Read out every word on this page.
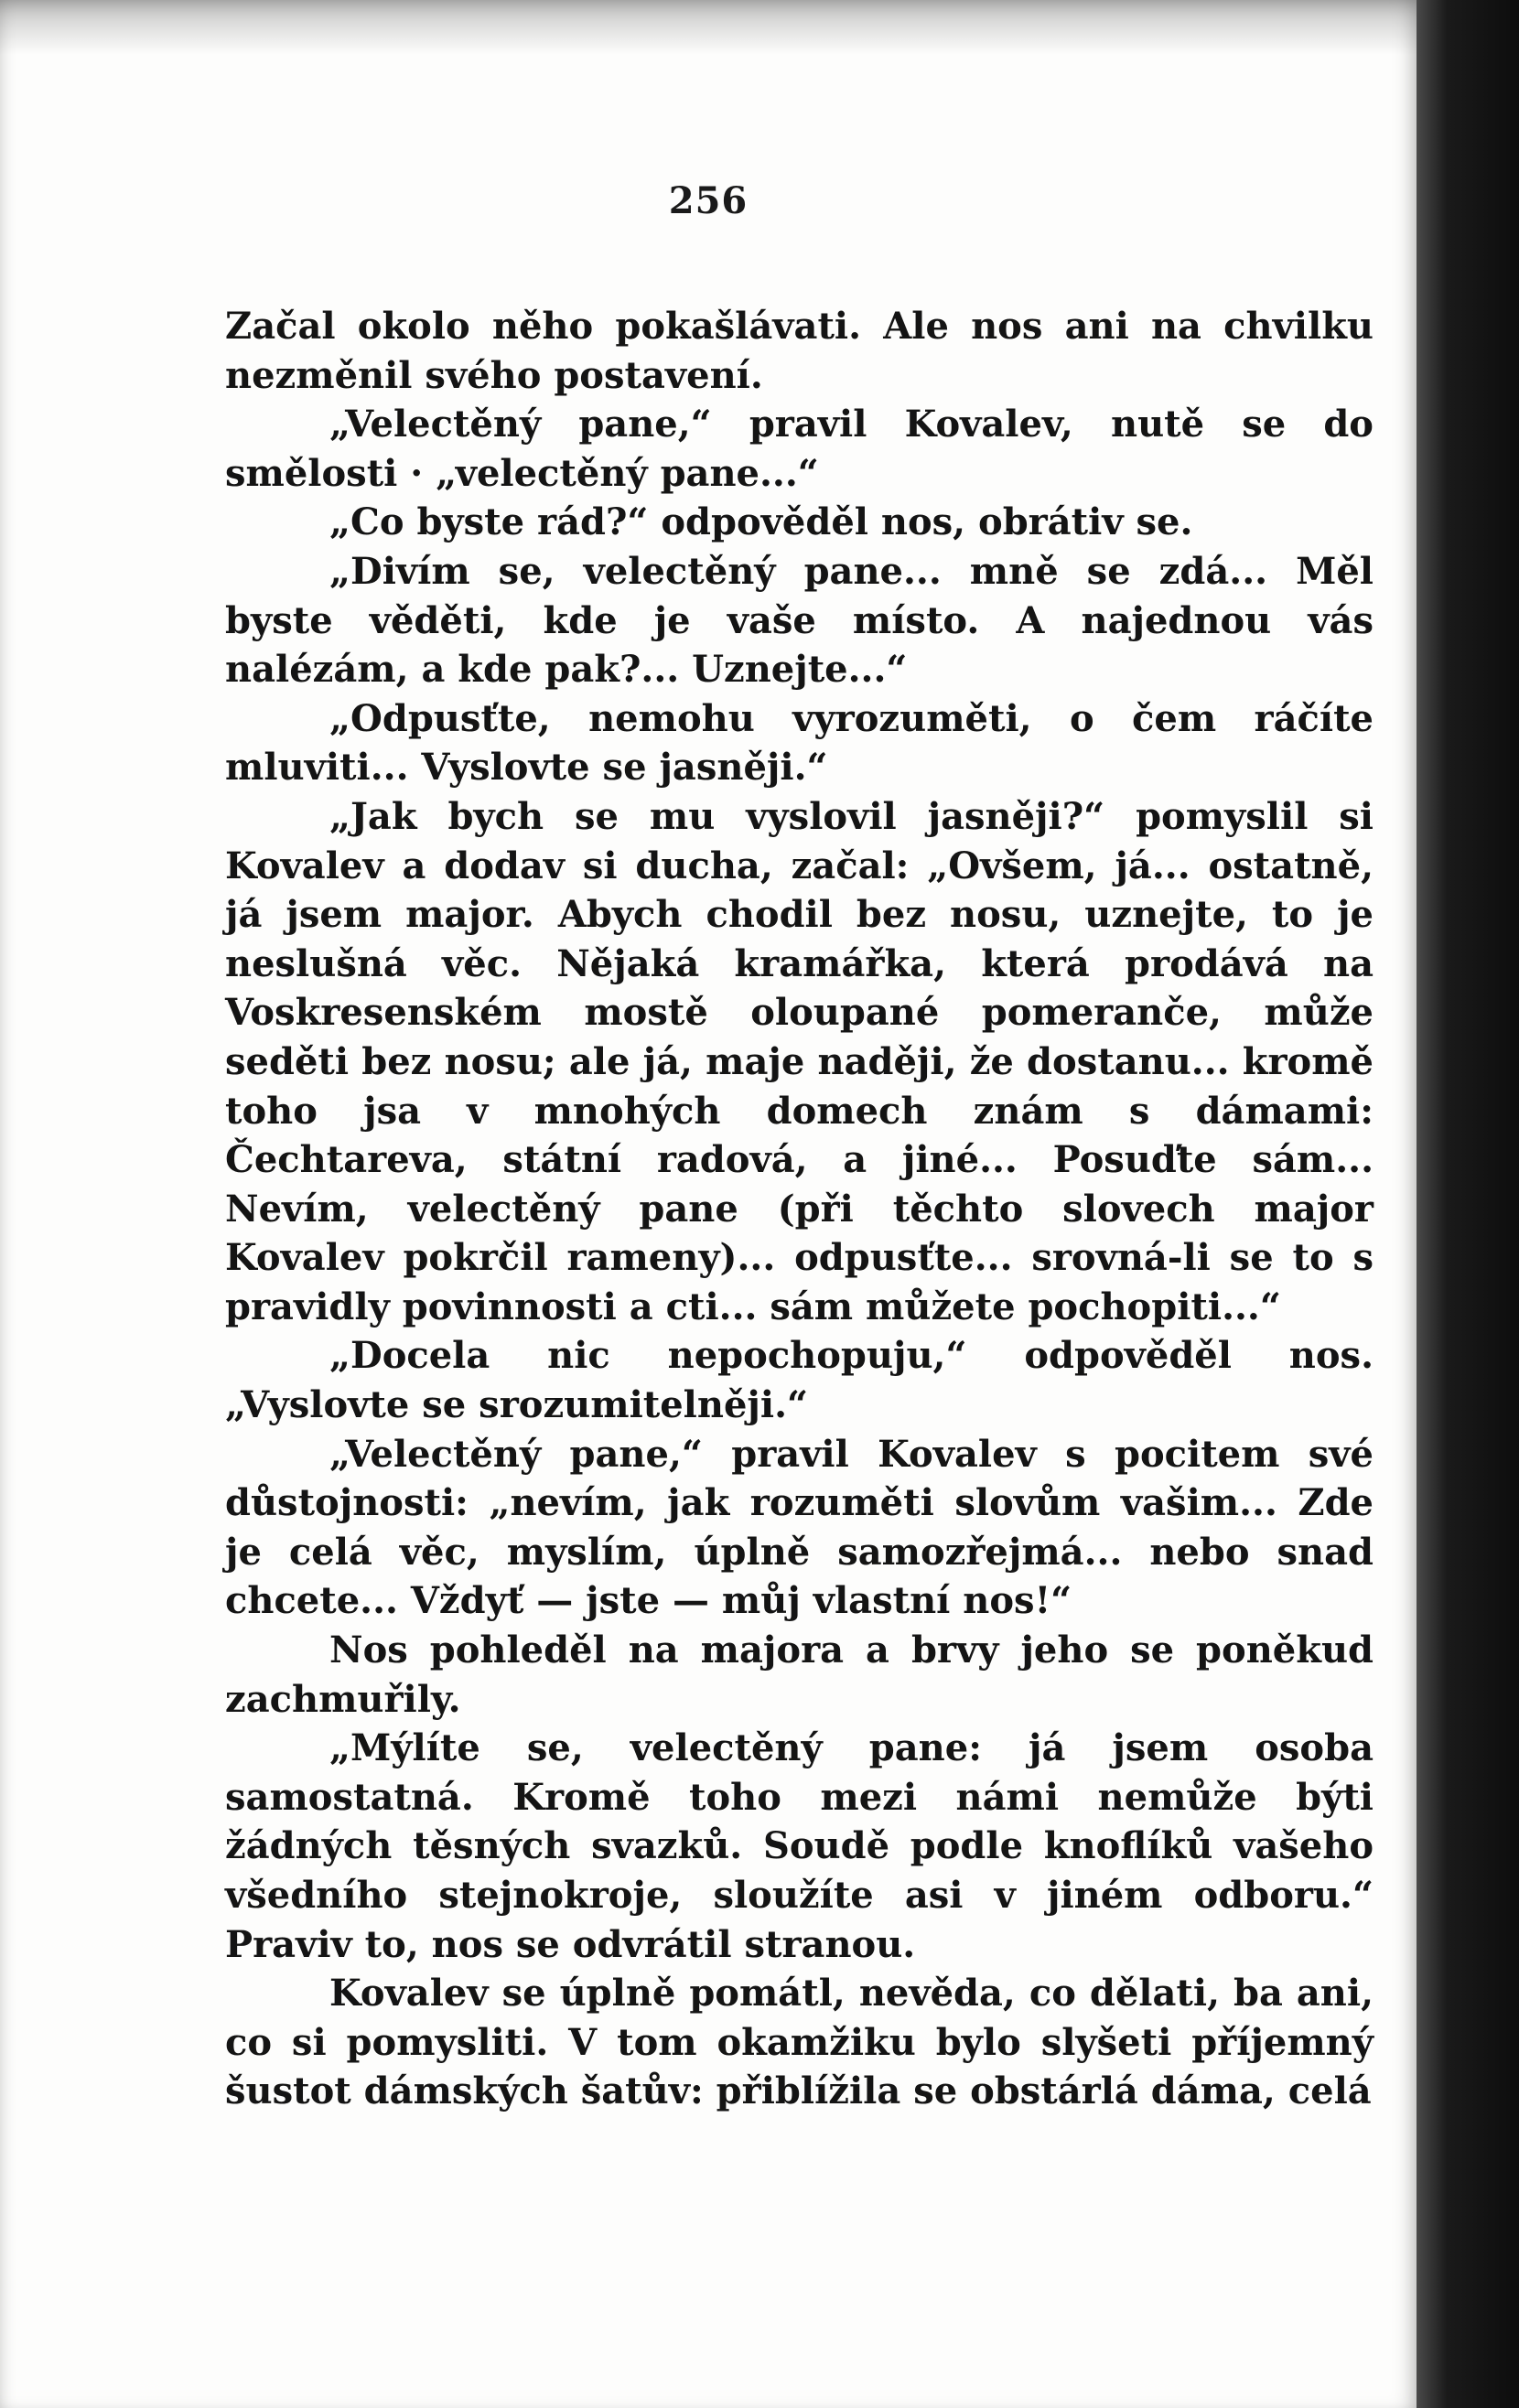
256

Začal okolo něho pokašlávati. Ale nos ani na chvilku nezměnil svého postavení.

„Velectěný pane,“ pravil Kovalev, nutě se do smělosti · „velectěný pane...“

„Co byste rád?“ odpověděl nos, obrátiv se.

„Divím se, velectěný pane... mně se zdá... Měl byste věděti, kde je vaše místo. A najednou vás nalézám, a kde pak?... Uznejte...“

„Odpusťte, nemohu vyrozuměti, o čem ráčíte mluviti... Vyslovte se jasněji.“

„Jak bych se mu vyslovil jasněji?“ pomyslil si Kovalev a dodav si ducha, začal: „Ovšem, já... ostatně, já jsem major. Abych chodil bez nosu, uznejte, to je neslušná věc. Nějaká kramářka, která prodává na Voskresenském mostě oloupané pomeranče, může seděti bez nosu; ale já, maje naději, že dostanu... kromě toho jsa v mnohých domech znám s dámami: Čechtareva, státní radová, a jiné... Posuďte sám... Nevím, velectěný pane (při těchto slovech major Kovalev pokrčil rameny)... odpusťte... srovná-li se to s pravidly povinnosti a cti... sám můžete pochopiti...“

„Docela nic nepochopuju,“ odpověděl nos. „Vyslovte se srozumitelněji.“

„Velectěný pane,“ pravil Kovalev s pocitem své důstojnosti: „nevím, jak rozuměti slovům vašim... Zde je celá věc, myslím, úplně samozřejmá... nebo snad chcete... Vždyť — jste — můj vlastní nos!“

Nos pohleděl na majora a brvy jeho se poněkud zachmuřily.

„Mýlíte se, velectěný pane: já jsem osoba samostatná. Kromě toho mezi námi nemůže býti žádných těsných svazků. Soudě podle knoflíků vašeho všedního stejnokroje, sloužíte asi v jiném odboru.“ Praviv to, nos se odvrátil stranou.

Kovalev se úplně pomátl, nevěda, co dělati, ba ani, co si pomysliti. V tom okamžiku bylo slyšeti příjemný šustot dámských šatův: přiblížila se obstárlá dáma, celá
